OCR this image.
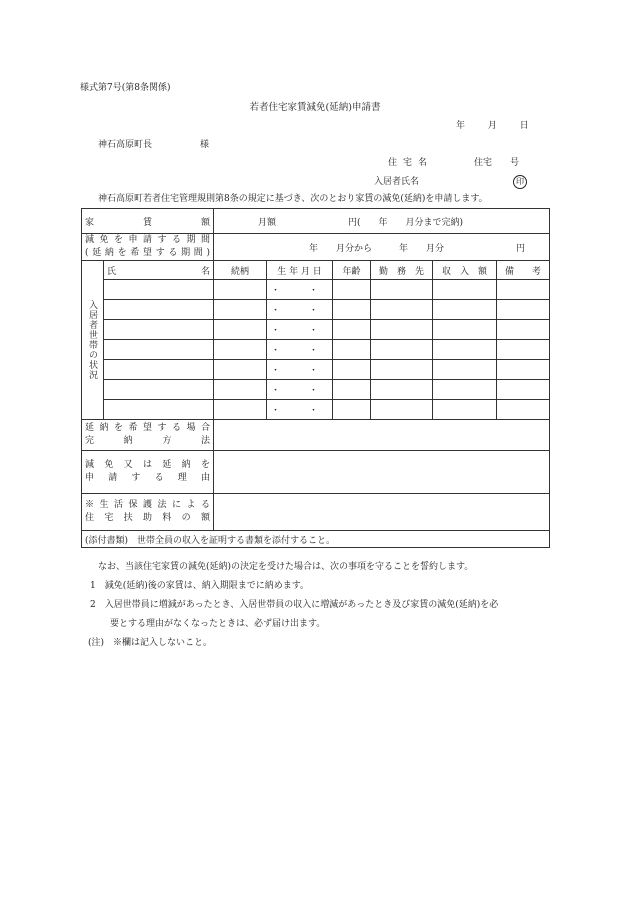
様式第7号(第8条関係)
若者住宅家賃減免(延納)申請書
年	月	日
神石高原町長	様
住宅名	住宅　　号
入居者氏名	印
神石高原町若者住宅管理規則第8条の規定に基づき、次のとおり家賃の減免(延納)を申請します。
家　　　賃　　　額		月額　　　　　　　　円(　　年　　月分まで完納)					

減免を申請する期間
(延納を希望する期間)		年　　月分から　　　年　　月分　　　　　　　　円					
入居者世帯の状況	氏　　　　　名	続柄	生 年 月 日	年齢	勤　務　先	収　入　額	備　　考
			・　・				
			・　・				
			・　・				
			・　・				
			・　・				
			・　・				
			・　・				

延納を希望する場合
完　　納　　方　　法							

減免又は延納を
申請する理由							

※生活保護法による
住宅扶助料の額							

(添付書類)　世帯全員の収入を証明する書類を添付すること。							
なお、当該住宅家賃の減免(延納)の決定を受けた場合は、次の事項を守ることを誓約します。
1　減免(延納)後の家賃は、納入期限までに納めます。
2　入居世帯員に増減があったとき、入居世帯員の収入に増減があったとき及び家賃の減免(延納)を必
要とする理由がなくなったときは、必ず届け出ます。
(注)　※欄は記入しないこと。
